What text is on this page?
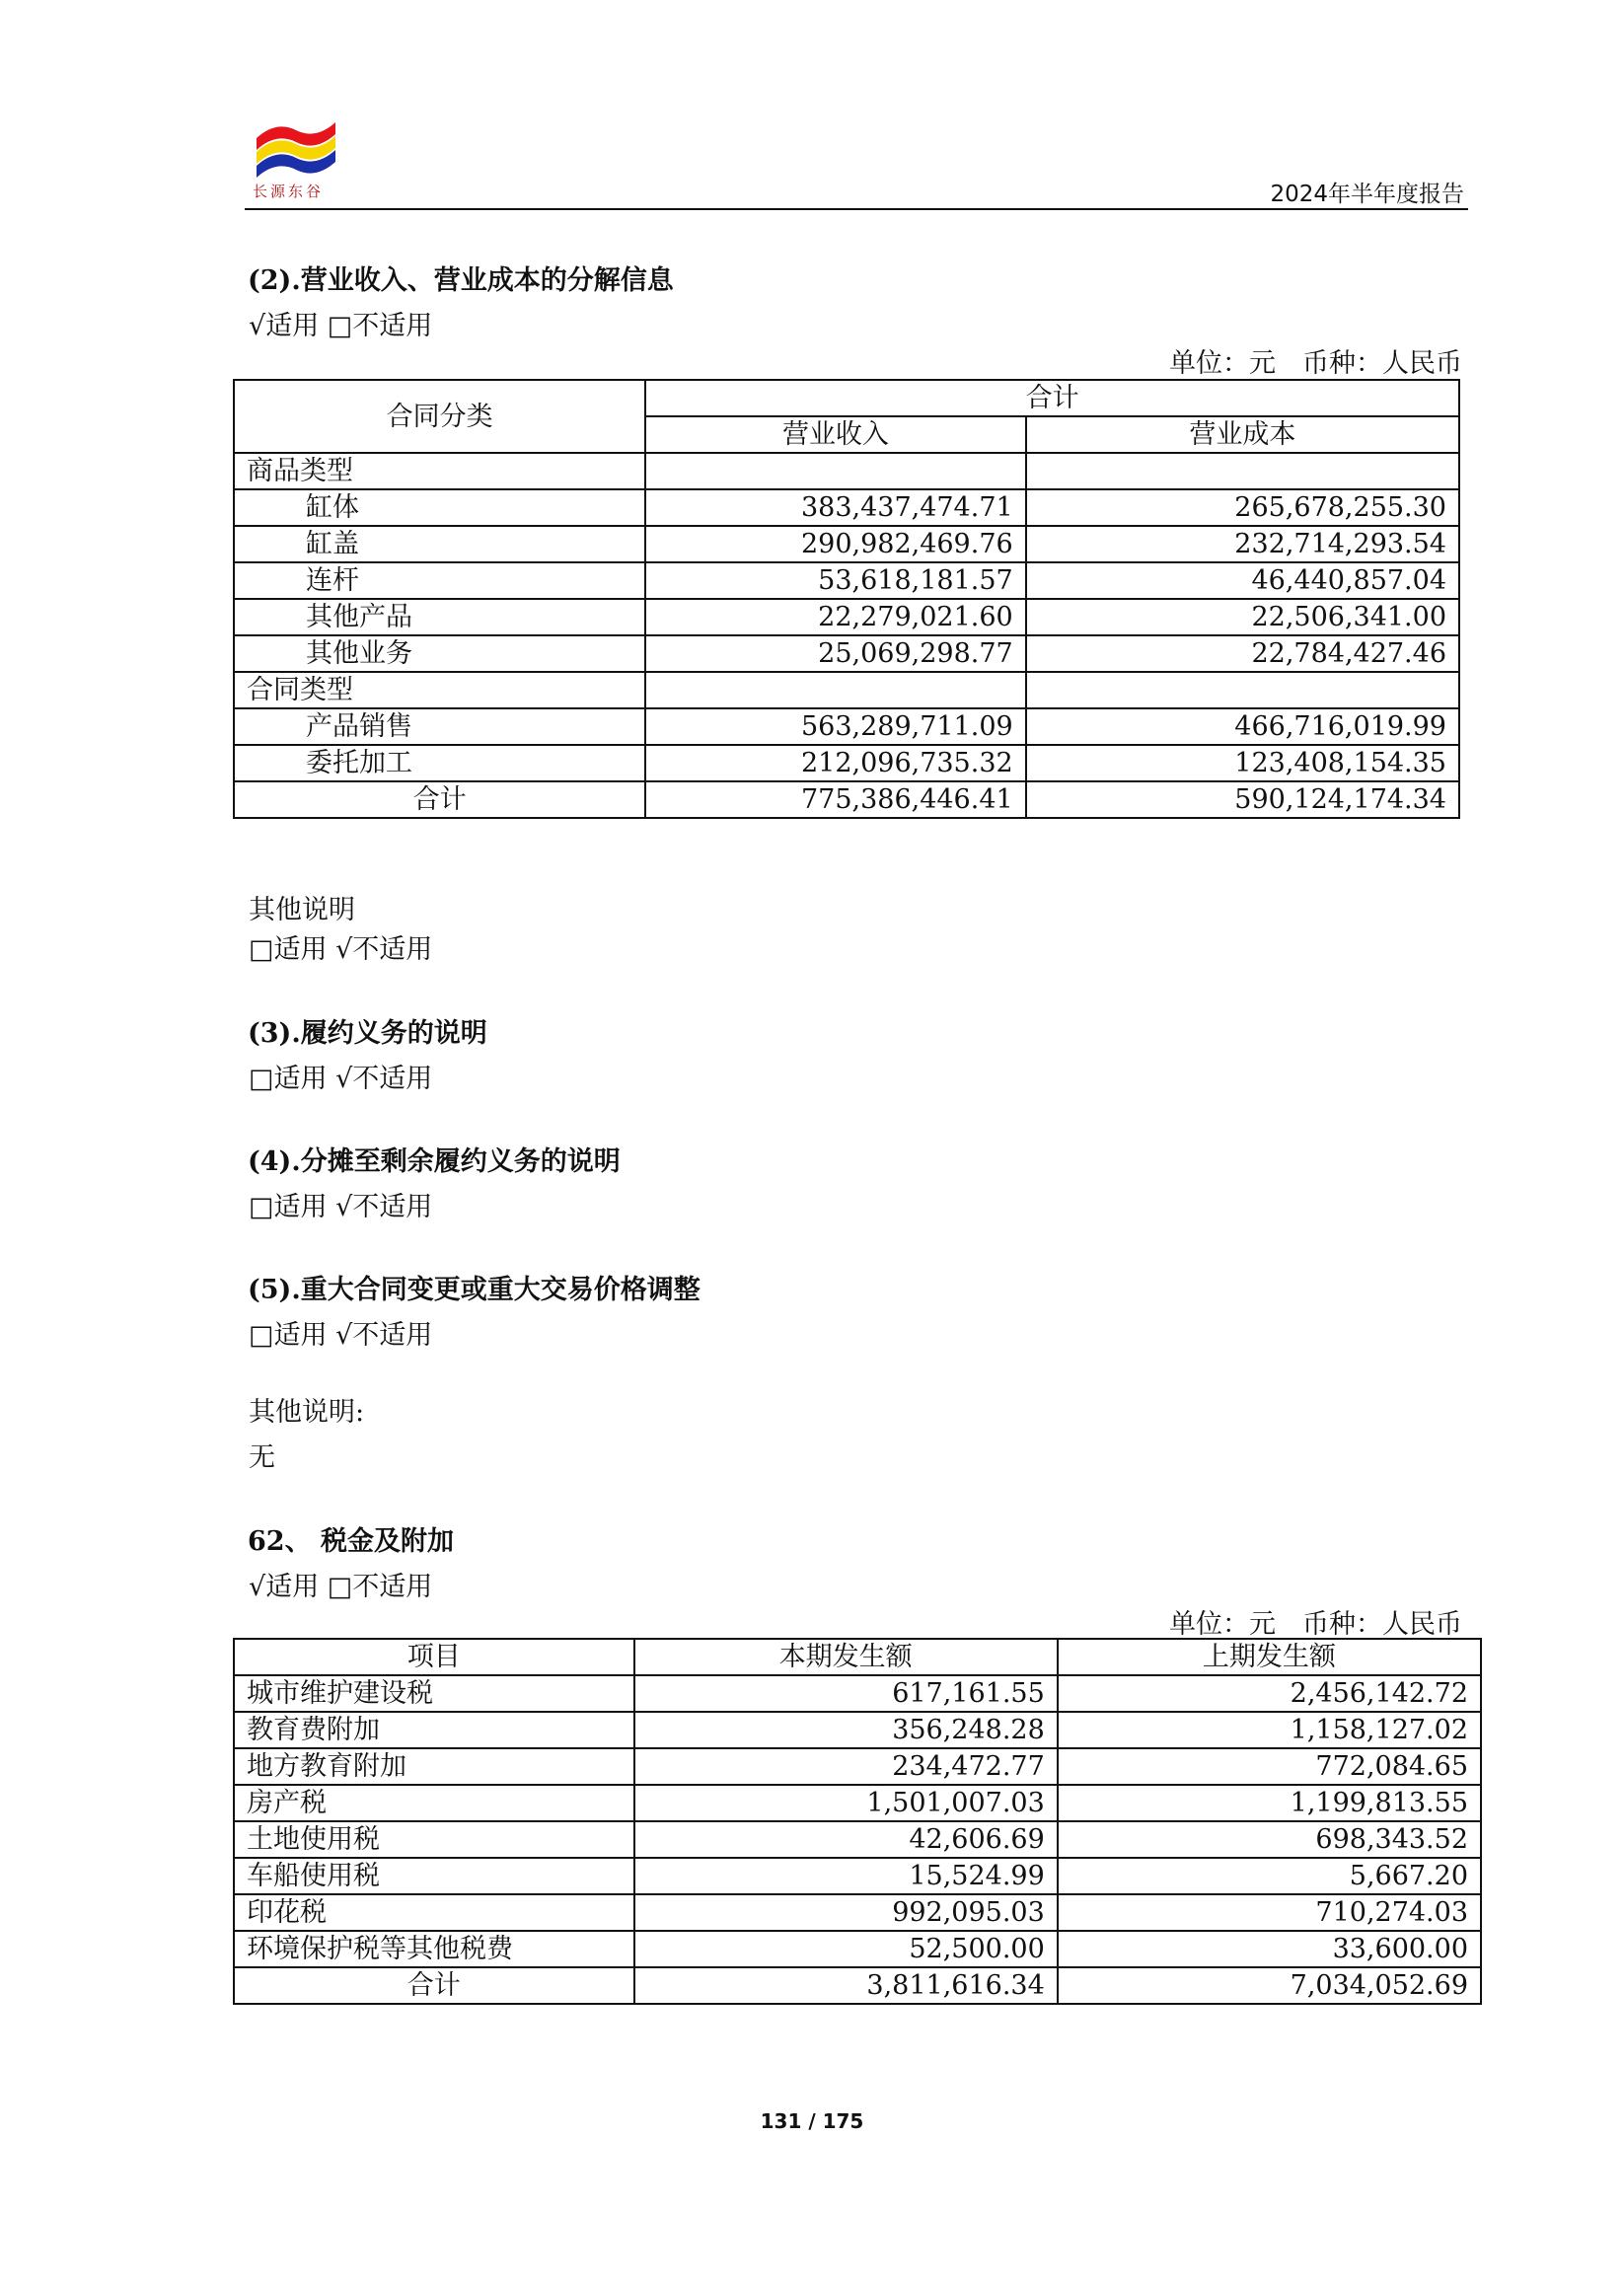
长源东谷	2024年半年度报告
(2).营业收入、营业成本的分解信息
√适用 □不适用
单位：元　币种：人民币
合同分类	合计	
	营业收入	营业成本
商品类型		
缸体	383,437,474.71	265,678,255.30
缸盖	290,982,469.76	232,714,293.54
连杆	53,618,181.57	46,440,857.04
其他产品	22,279,021.60	22,506,341.00
其他业务	25,069,298.77	22,784,427.46
合同类型		
产品销售	563,289,711.09	466,716,019.99
委托加工	212,096,735.32	123,408,154.35
合计	775,386,446.41	590,124,174.34
其他说明
□适用 √不适用
(3).履约义务的说明
□适用 √不适用
(4).分摊至剩余履约义务的说明
□适用 √不适用
(5).重大合同变更或重大交易价格调整
□适用 √不适用
其他说明:
无
62、 税金及附加
√适用 □不适用
单位：元　币种：人民币
项目	本期发生额	上期发生额
城市维护建设税	617,161.55	2,456,142.72
教育费附加	356,248.28	1,158,127.02
地方教育附加	234,472.77	772,084.65
房产税	1,501,007.03	1,199,813.55
土地使用税	42,606.69	698,343.52
车船使用税	15,524.99	5,667.20
印花税	992,095.03	710,274.03
环境保护税等其他税费	52,500.00	33,600.00
合计	3,811,616.34	7,034,052.69
131 / 175
